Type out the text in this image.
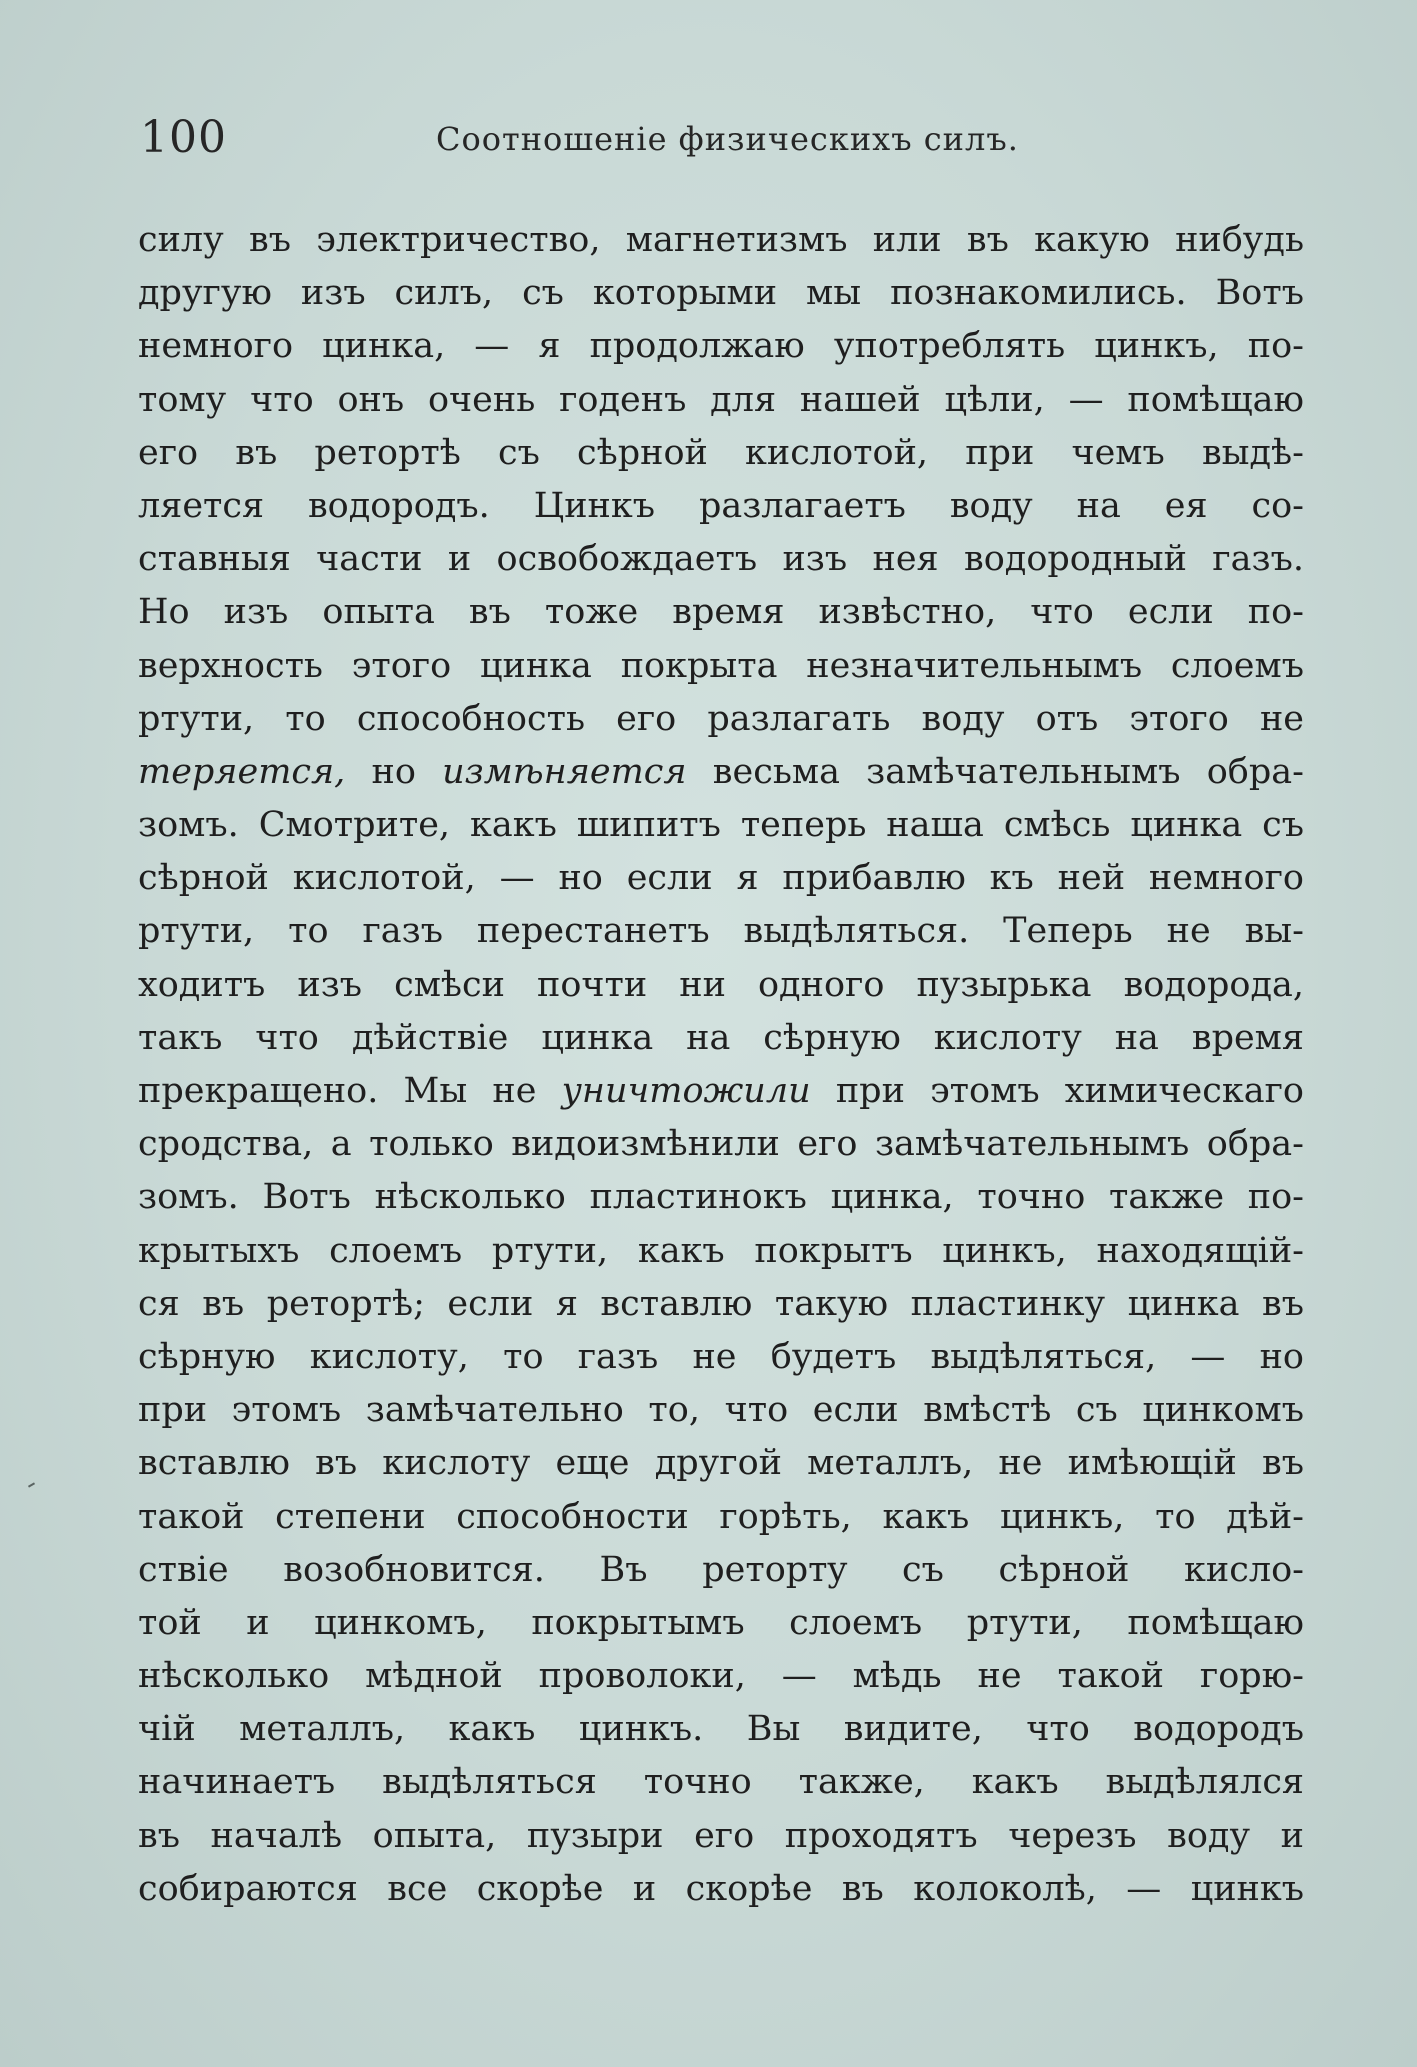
100	Соотношеніе физическихъ силъ.
силу въ электричество, магнетизмъ или въ какую нибудь
другую изъ силъ, съ которыми мы познакомились. Вотъ
немного цинка, — я продолжаю употреблять цинкъ, по-
тому что онъ очень годенъ для нашей цѣли, — помѣщаю
его въ ретортѣ съ сѣрной кислотой, при чемъ выдѣ-
ляется водородъ. Цинкъ разлагаетъ воду на ея со-
ставныя части и освобождаетъ изъ нея водородный газъ.
Но изъ опыта въ тоже время извѣстно, что если по-
верхность этого цинка покрыта незначительнымъ слоемъ
ртути, то способность его разлагать воду отъ этого не
теряется, но измѣняется весьма замѣчательнымъ обра-
зомъ. Смотрите, какъ шипитъ теперь наша смѣсь цинка съ
сѣрной кислотой, — но если я прибавлю къ ней немного
ртути, то газъ перестанетъ выдѣляться. Теперь не вы-
ходитъ изъ смѣси почти ни одного пузырька водорода,
такъ что дѣйствіе цинка на сѣрную кислоту на время
прекращено. Мы не уничтожили при этомъ химическаго
сродства, а только видоизмѣнили его замѣчательнымъ обра-
зомъ. Вотъ нѣсколько пластинокъ цинка, точно также по-
крытыхъ слоемъ ртути, какъ покрытъ цинкъ, находящій-
ся въ ретортѣ; если я вставлю такую пластинку цинка въ
сѣрную кислоту, то газъ не будетъ выдѣляться, — но
при этомъ замѣчательно то, что если вмѣстѣ съ цинкомъ
вставлю въ кислоту еще другой металлъ, не имѣющій въ
такой степени способности горѣть, какъ цинкъ, то дѣй-
ствіе возобновится. Въ ретортy съ сѣрной кисло-
той и цинкомъ, покрытымъ слоемъ ртути, помѣщаю
нѣсколько мѣдной проволоки, — мѣдь не такой горю-
чій металлъ, какъ цинкъ. Вы видите, что водородъ
начинаетъ выдѣляться точно также, какъ выдѣлялся
въ началѣ опыта, пузыри его проходятъ черезъ воду и
собираются все скорѣе и скорѣе въ колоколѣ, — цинкъ
